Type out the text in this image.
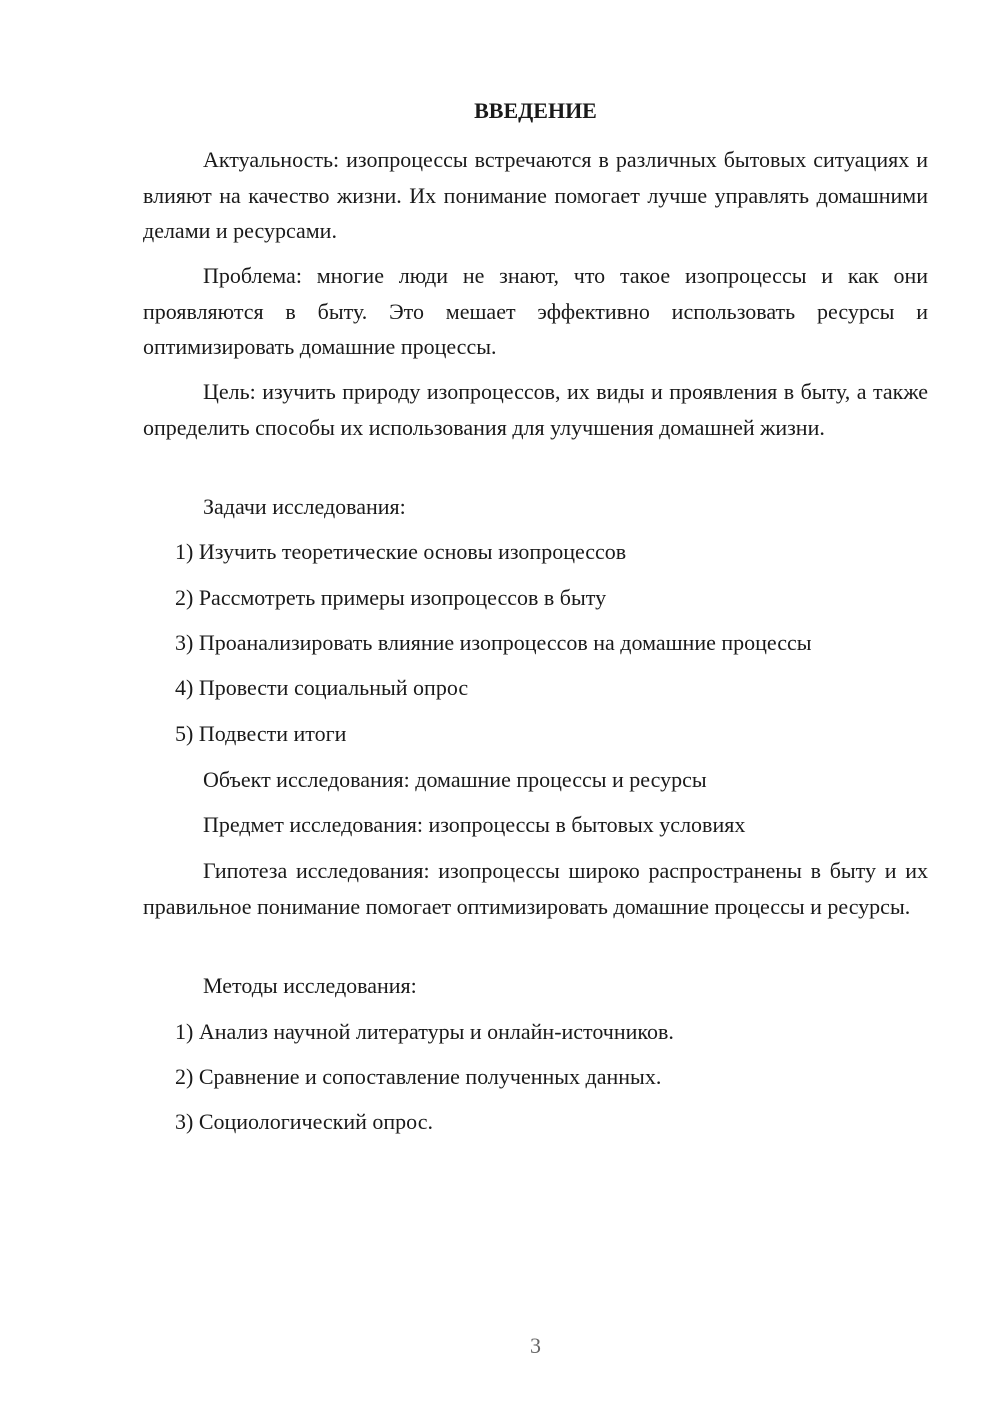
ВВЕДЕНИЕ
Актуальность: изопроцессы встречаются в различных бытовых ситуациях и влияют на качество жизни. Их понимание помогает лучше управлять домашними делами и ресурсами.
Проблема: многие люди не знают, что такое изопроцессы и как они проявляются в быту. Это мешает эффективно использовать ресурсы и оптимизировать домашние процессы.
Цель: изучить природу изопроцессов, их виды и проявления в быту, а также определить способы их использования для улучшения домашней жизни.
Задачи исследования:
1) Изучить теоретические основы изопроцессов
2) Рассмотреть примеры изопроцессов в быту
3) Проанализировать влияние изопроцессов на домашние процессы
4) Провести социальный опрос
5) Подвести итоги
Объект исследования: домашние процессы и ресурсы
Предмет исследования: изопроцессы в бытовых условиях
Гипотеза исследования: изопроцессы широко распространены в быту и их правильное понимание помогает оптимизировать домашние процессы и ресурсы.
Методы исследования:
1) Анализ научной литературы и онлайн-источников.
2) Сравнение и сопоставление полученных данных.
3) Социологический опрос.
3
